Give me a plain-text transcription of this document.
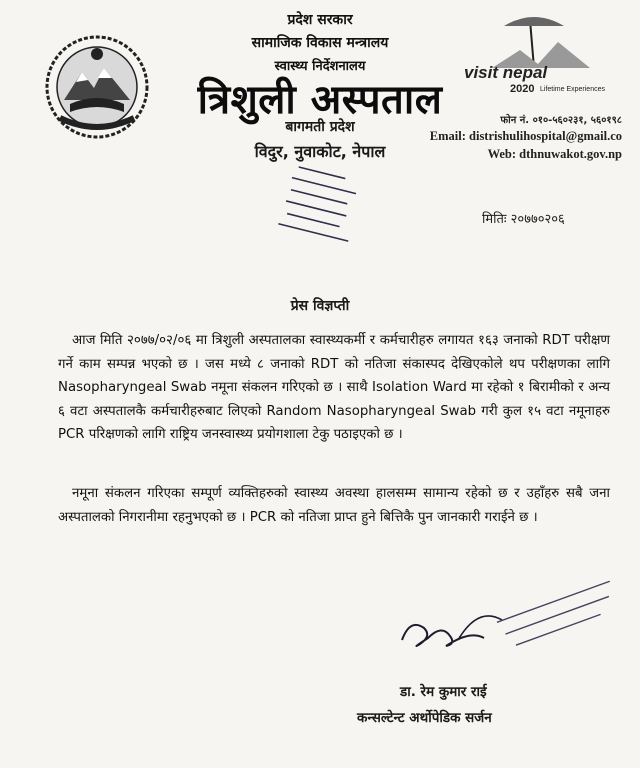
प्रदेश सरकार
सामाजिक विकास मन्त्रालय
स्वास्थ्य निर्देशनालय
त्रिशुली अस्पताल
बागमती प्रदेश
विदुर, नुवाकोट, नेपाल
visit nepal
2020 Lifetime Experiences
फोन नं. ०१०-५६०२३१, ५६०१९८
Email: distrishulihospital@gmail.co
Web: dthnuwakot.gov.np
मितिः २०७७०२०६
प्रेस विज्ञप्ती
आज मिति २०७७/०२/०६ मा त्रिशुली अस्पतालका स्वास्थ्यकर्मी र कर्मचारीहरु लगायत १६३ जनाको RDT परीक्षण गर्ने काम सम्पन्न भएको छ । जस मध्ये ८ जनाको RDT को नतिजा संकास्पद देखिएकोले थप परीक्षणका लागि Nasopharyngeal Swab नमूना संकलन गरिएको छ । साथै Isolation Ward मा रहेको १ बिरामीको र अन्य ६ वटा अस्पतालकै कर्मचारीहरुबाट लिएको Random Nasopharyngeal Swab गरी कुल १५ वटा नमूनाहरु PCR परिक्षणको लागि राष्ट्रिय जनस्वास्थ्य प्रयोगशाला टेकु पठाइएको छ ।
नमूना संकलन गरिएका सम्पूर्ण व्यक्तिहरुको स्वास्थ्य अवस्था हालसम्म सामान्य रहेको छ र उहाँहरु सबै जना अस्पतालको निगरानीमा रहनुभएको छ । PCR को नतिजा प्राप्त हुने बित्तिकै पुन जानकारी गराईने छ ।
डा. रेम कुमार राई
कन्सल्टेन्ट अर्थोपेडिक सर्जन
